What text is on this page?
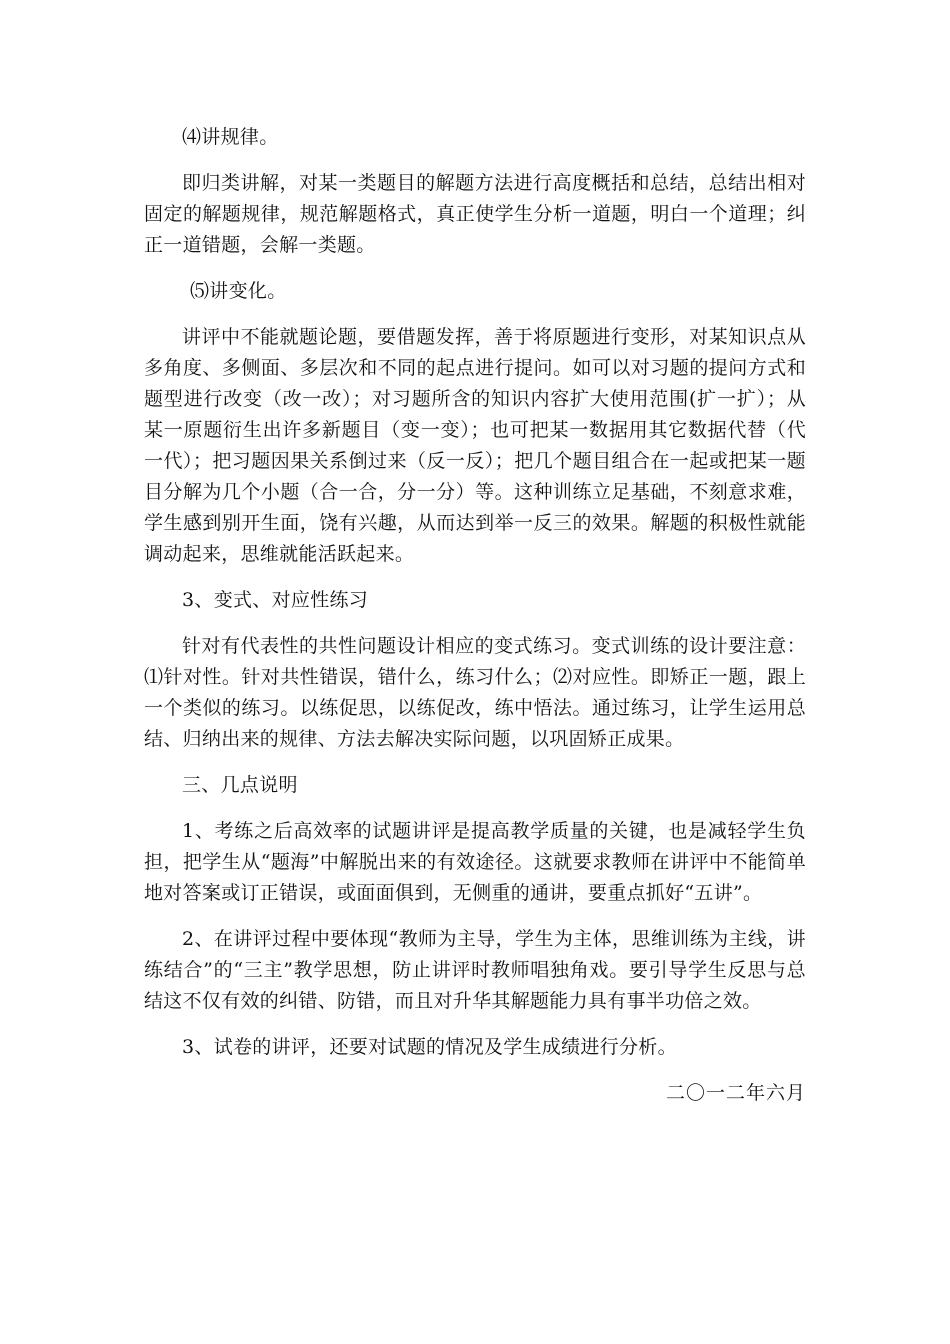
⑷讲规律。

即归类讲解，对某一类题目的解题方法进行高度概括和总结，总结出相对固定的解题规律，规范解题格式，真正使学生分析一道题，明白一个道理；纠正一道错题，会解一类题。

⑸讲变化。

讲评中不能就题论题，要借题发挥，善于将原题进行变形，对某知识点从多角度、多侧面、多层次和不同的起点进行提问。如可以对习题的提问方式和题型进行改变（改一改）；对习题所含的知识内容扩大使用范围(扩一扩）；从某一原题衍生出许多新题目（变一变）；也可把某一数据用其它数据代替（代一代）；把习题因果关系倒过来（反一反）；把几个题目组合在一起或把某一题目分解为几个小题（合一合，分一分）等。这种训练立足基础，不刻意求难，学生感到别开生面，饶有兴趣，从而达到举一反三的效果。解题的积极性就能调动起来，思维就能活跃起来。

3、变式、对应性练习

针对有代表性的共性问题设计相应的变式练习。变式训练的设计要注意：⑴针对性。针对共性错误，错什么，练习什么；⑵对应性。即矫正一题，跟上一个类似的练习。以练促思，以练促改，练中悟法。通过练习，让学生运用总结、归纳出来的规律、方法去解决实际问题，以巩固矫正成果。

三、几点说明

1、考练之后高效率的试题讲评是提高教学质量的关键，也是减轻学生负担，把学生从“题海”中解脱出来的有效途径。这就要求教师在讲评中不能简单地对答案或订正错误，或面面俱到，无侧重的通讲，要重点抓好“五讲”。

2、在讲评过程中要体现“教师为主导，学生为主体，思维训练为主线，讲练结合”的“三主”教学思想，防止讲评时教师唱独角戏。要引导学生反思与总结这不仅有效的纠错、防错，而且对升华其解题能力具有事半功倍之效。

3、试卷的讲评，还要对试题的情况及学生成绩进行分析。

二〇一二年六月
